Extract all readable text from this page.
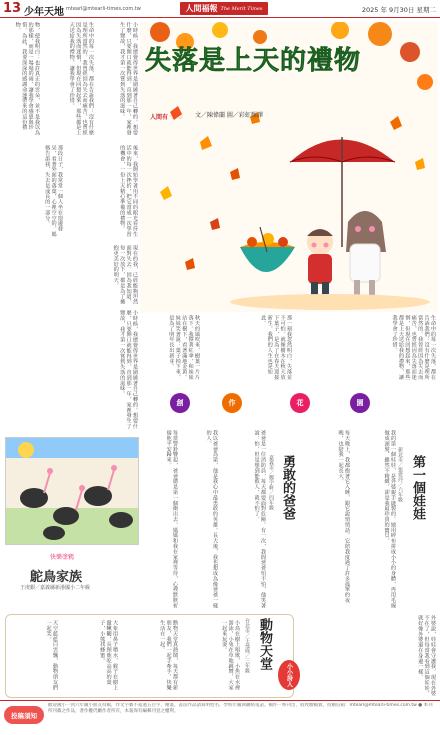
13 少年天地 mtearl@mtearli-times.com.tw	人間福報 The Merit Times	2025 年 9月30日 星期二
物，使我明白：也許真正的雲朵，並不是我以為的那樣，而是一場場的雨，讓我學會感恩與珍惜。為此，我要深深的感謝命運帶來的這份禮物。	生命中的每一次失落，都在告訴我們：沒有什麼是理所當然的。我曾經因為失去而痛苦，也曾經因為失落而迷惘，但現在回想起來，那些都是上天送給我的禮物，讓我學會了珍惜。	小時候，我總覺得世界是圍繞著自己轉的。想要什麼，只要開口就能得到。直到那一年，家裡發生了變故，我才第一次嘗到失落的滋味。
那段日子，我常常一個人坐在窗邊發呆，看著外面的落葉，心裡空空的。媽媽告訴我，失去是成長的一部分。	後來，我開始學著用不同的眼光看待生活中的每一次挫折，把它當成一次學習的機會，一份上天精心準備的禮物。
現在的我，已經能夠坦然面對失去。因為我知道，每一次放下，都是為了擁抱更美好的明天。
失落是上天的禮物
人間有 ♡ ♡ 文／陳偉蘭 圖／彩虹輝譯
秋天的風吹來，樹葉一片片落下。我撐著紅傘，和妹妹站在樹下，看著滿地金黃。妹妹笑著說：葉子掉下來，是為了明年長出新芽。	那一刻我忽然明白，失落並不可怕。就像樹木在秋天放下葉子，是為了在春天迎接新生。我們的人生也是如此。	生命中的每一次失落，都在告訴我們：沒有什麼是理所當然的。我曾經因為失去而痛苦，也曾經因為失落而迷惘，但現在回想起來，那些都是上天送給我的禮物，讓我學會了珍惜。
小時候，我總覺得世界是圍繞著自己轉的。想要什麼，只要開口就能得到。直到那一年，家裡發生了變故，我才第一次嘗到失落的滋味。
創	作	花	園
第一個娃娃
新北市／張愛玲／六年級
我的第一個娃娃，是外婆親手縫製的。她用碎布拼成小小的身體，再用毛線做成頭髮，雖然不精緻，卻是我最珍貴的寶貝。
每天晚上，我都抱著它入睡，跟它說悄悄話。它陪我度過了許多孤單的夜晚，也陪我一起長大。
外婆說，娃娃會守護我。現在外婆不在了，但每當我看到這個娃娃，就好像外婆還在身邊一樣。
勇敢的爸爸
嘉義市／鄭宇軒／四年級
爸爸是一位消防員，每天都要面對危險。有一次，我問爸爸怕不怕，他笑著說：怕，但是想到能救人，就不怕了。
我以爸爸為榮，他是我心中最勇敢的英雄。長大後，我也想成為像爸爸一樣的人。
每當警鈴響起，爸爸總是第一個衝出去。媽媽和我在家裡等待，心裡默默祈禱他平安歸來。
快樂塗鴉
鴕鳥家族
王虔銀／嘉義縣新港國小二年級
動物天堂
台北市／王曼庭／三年級
小鳥在樹上唱歌，小魚在水裡游泳，小兔在草地跳舞，大家一起來玩耍。
動物天堂真熱鬧，每天都有新朋友，我們一起手牽手，快樂生活在一起。
大象用鼻子噴水，猴子在樹上盪鞦韆，長頸鹿吃高高的葉子，小熊找蜂蜜。
天空藍藍白雲飄，動物朋友們一起笑。
小小詩人
投稿須知
歡迎國小一到六年級小朋友投稿，作文字數不超過五百字，繪畫、書法作品請寫明姓名、學校年級與聯絡電話。稿件一經刊出，將致贈稿費。投稿信箱：mtearl@mtearli-times.com.tw ● 本刊所刊載之作品，著作權仍屬作者所有，本報保有編輯刊登之權利。
